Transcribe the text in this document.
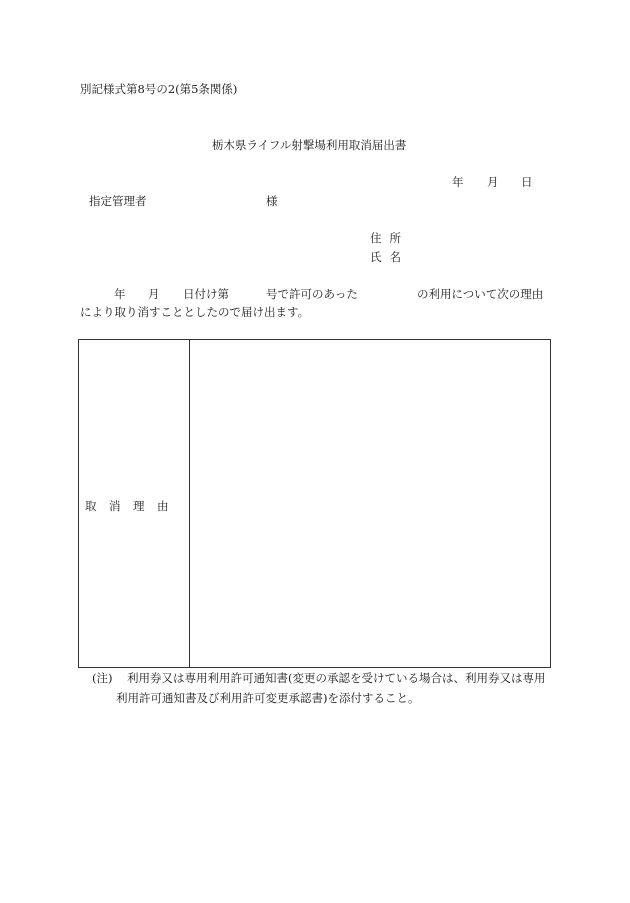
別記様式第8号の2(第5条関係)
栃木県ライフル射撃場利用取消届出書
年 月 日
指定管理者	様
住所
氏名
年 月 日付け第	号で許可のあった	の利用について次の理由
により取り消すこととしたので届け出ます。
取消理由
(注) 利用券又は専用利用許可通知書(変更の承認を受けている場合は、利用券又は専用
利用許可通知書及び利用許可変更承認書)を添付すること。
